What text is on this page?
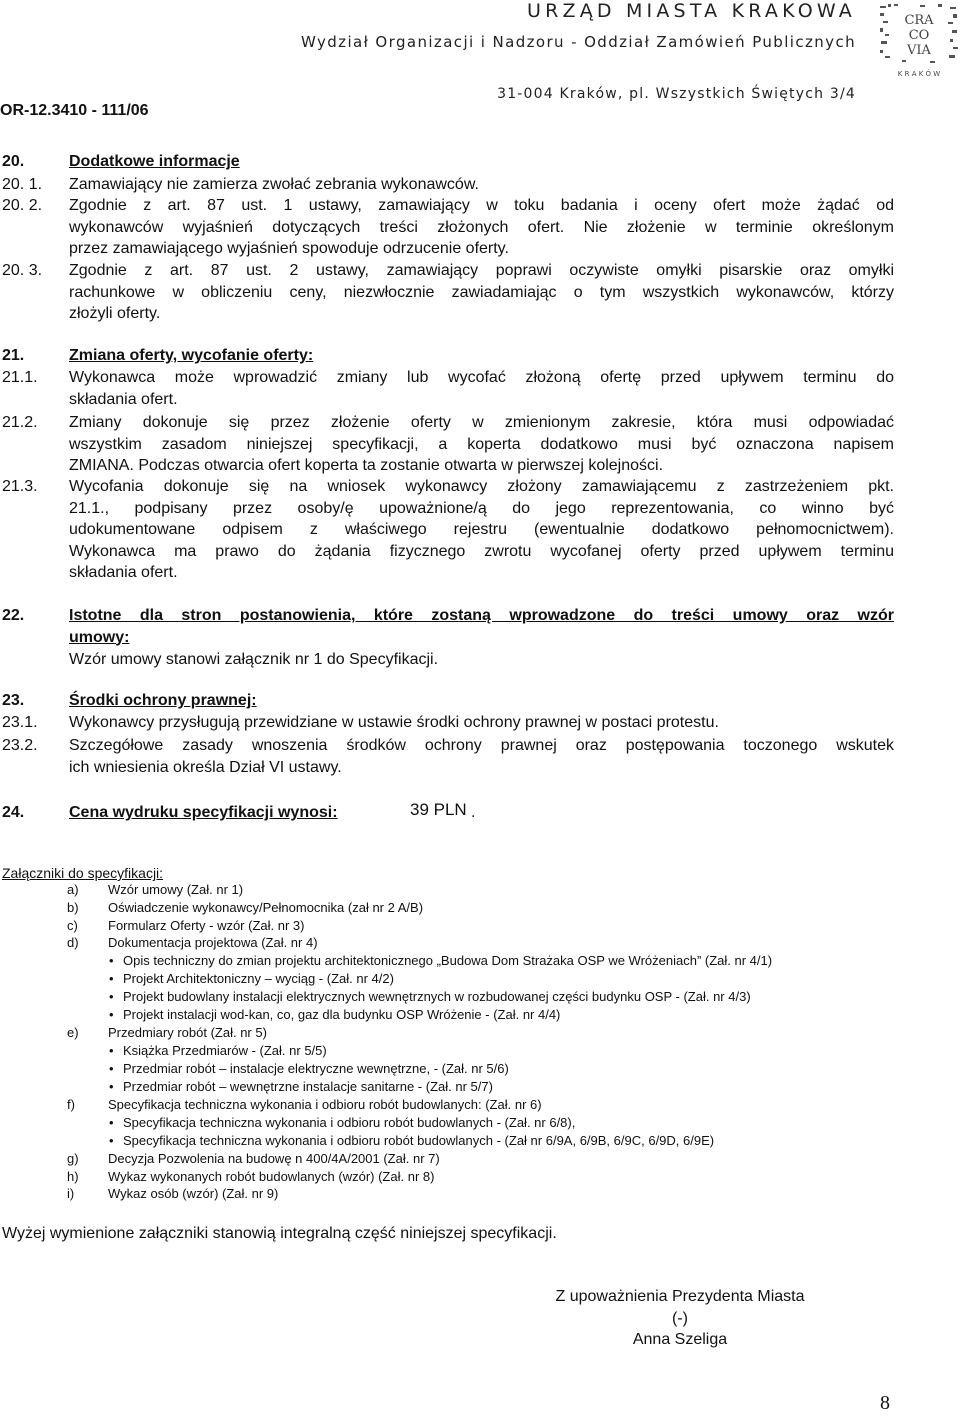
URZĄD MIASTA KRAKOWA
Wydział Organizacji i Nadzoru - Oddział Zamówień Publicznych
31-004 Kraków, pl. Wszystkich Świętych 3/4
OR-12.3410 - 111/06
CRA
CO
VIA
K R A K Ó W
20.	Dodatkowe informacje
20. 1. Zamawiający nie zamierza zwołać zebrania wykonawców.
20. 2. Zgodnie z art. 87 ust. 1 ustawy, zamawiający w toku badania i oceny ofert może żądać od
wykonawców wyjaśnień dotyczących treści złożonych ofert. Nie złożenie w terminie określonym
przez zamawiającego wyjaśnień spowoduje odrzucenie oferty.
20. 3. Zgodnie z art. 87 ust. 2 ustawy, zamawiający poprawi oczywiste omyłki pisarskie oraz omyłki
rachunkowe w obliczeniu ceny, niezwłocznie zawiadamiając o tym wszystkich wykonawców, którzy
złożyli oferty.
21.	Zmiana oferty, wycofanie oferty:
21.1. Wykonawca może wprowadzić zmiany lub wycofać złożoną ofertę przed upływem terminu do
składania ofert.
21.2. Zmiany dokonuje się przez złożenie oferty w zmienionym zakresie, która musi odpowiadać
wszystkim zasadom niniejszej specyfikacji, a koperta dodatkowo musi być oznaczona napisem
ZMIANA. Podczas otwarcia ofert koperta ta zostanie otwarta w pierwszej kolejności.
21.3. Wycofania dokonuje się na wniosek wykonawcy złożony zamawiającemu z zastrzeżeniem pkt.
21.1., podpisany przez osoby/ę upoważnione/ą do jego reprezentowania, co winno być
udokumentowane odpisem z właściwego rejestru (ewentualnie dodatkowo pełnomocnictwem).
Wykonawca ma prawo do żądania fizycznego zwrotu wycofanej oferty przed upływem terminu
składania ofert.
22.	Istotne dla stron postanowienia, które zostaną wprowadzone do treści umowy oraz wzór
umowy:
Wzór umowy stanowi załącznik nr 1 do Specyfikacji.
23.	Środki ochrony prawnej:
23.1. Wykonawcy przysługują przewidziane w ustawie środki ochrony prawnej w postaci protestu.
23.2. Szczegółowe zasady wnoszenia środków ochrony prawnej oraz postępowania toczonego wskutek
ich wniesienia określa Dział VI ustawy.
24.	Cena wydruku specyfikacji wynosi:	39 PLN .
Załączniki do specyfikacji:
a) Wzór umowy (Zał. nr 1)
b) Oświadczenie wykonawcy/Pełnomocnika (zał nr 2 A/B)
c) Formularz Oferty - wzór (Zał. nr 3)
d) Dokumentacja projektowa (Zał. nr 4)
• Opis techniczny do zmian projektu architektonicznego „Budowa Dom Strażaka OSP we Wróżeniach” (Zał. nr 4/1)
• Projekt Architektoniczny – wyciąg - (Zał. nr 4/2)
• Projekt budowlany instalacji elektrycznych wewnętrznych w rozbudowanej części budynku OSP - (Zał. nr 4/3)
• Projekt instalacji wod-kan, co, gaz dla budynku OSP Wróżenie - (Zał. nr 4/4)
e) Przedmiary robót (Zał. nr 5)
• Książka Przedmiarów - (Zał. nr 5/5)
• Przedmiar robót – instalacje elektryczne wewnętrzne, - (Zał. nr 5/6)
• Przedmiar robót – wewnętrzne instalacje sanitarne - (Zał. nr 5/7)
f)	Specyfikacja techniczna wykonania i odbioru robót budowlanych: (Zał. nr 6)
• Specyfikacja techniczna wykonania i odbioru robót budowlanych - (Zał. nr 6/8),
• Specyfikacja techniczna wykonania i odbioru robót budowlanych - (Zał nr 6/9A, 6/9B, 6/9C, 6/9D, 6/9E)
g) Decyzja Pozwolenia na budowę n 400/4A/2001 (Zał. nr 7)
h) Wykaz wykonanych robót budowlanych (wzór) (Zał. nr 8)
i)	Wykaz osób (wzór) (Zał. nr 9)
Wyżej wymienione załączniki stanowią integralną część niniejszej specyfikacji.
Z upoważnienia Prezydenta Miasta
(-)
Anna Szeliga
8
